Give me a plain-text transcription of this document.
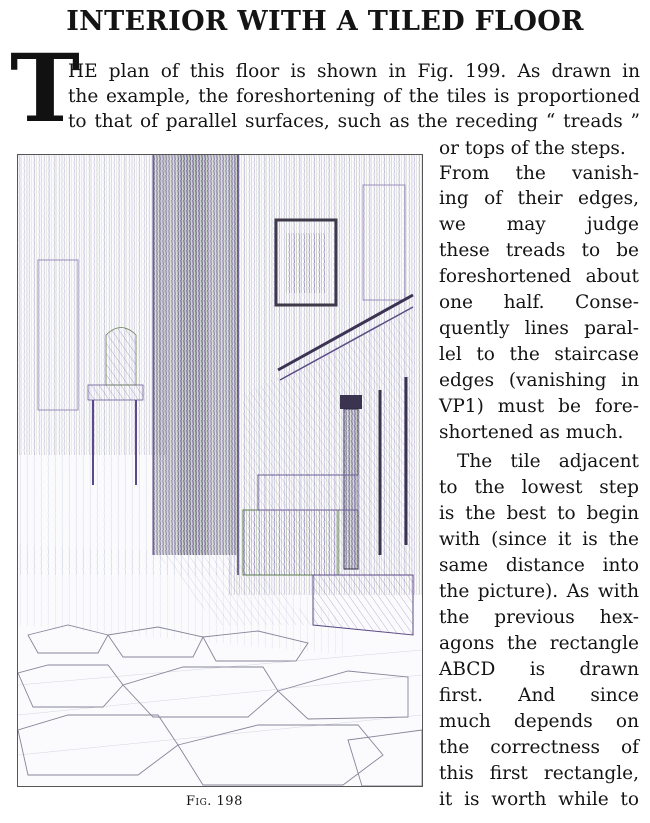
INTERIOR WITH A TILED FLOOR
T

HE plan of this floor is shown in Fig. 199. As drawn in

the example, the foreshortening of the tiles is proportioned

to that of parallel surfaces, such as the receding “ treads ”

or tops of the steps.

From the vanish-

ing of their edges,

we may judge

these treads to be

foreshortened about

one half. Conse-

quently lines paral-

lel to the staircase

edges (vanishing in

VP1) must be fore-

shortened as much.

The tile adjacent

to the lowest step

is the best to begin

with (since it is the

same distance into

the picture). As with

the previous hex-

agons the rectangle

ABCD is drawn

first. And since

much depends on

the correctness of

this first rectangle,

it is worth while to

Fig. 198
